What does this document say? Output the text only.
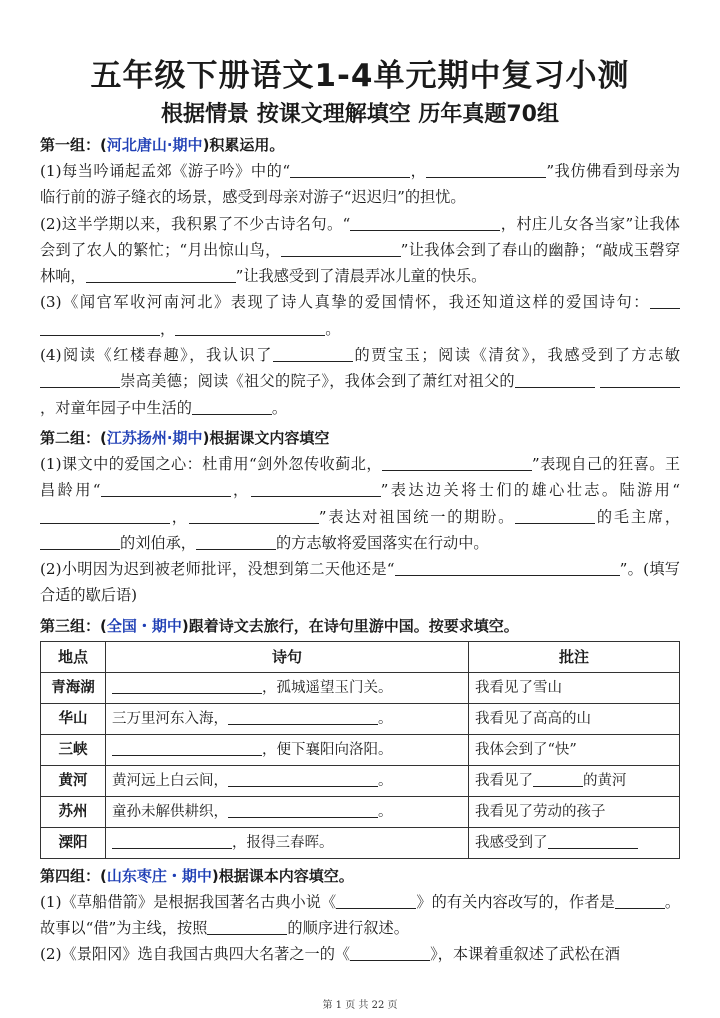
五年级下册语文1-4单元期中复习小测
根据情景 按课文理解填空 历年真题70组
第一组：(河北唐山·期中)积累运用。

(1)每当吟诵起孟郊《游子吟》中的“	，	”我仿佛看到母亲为临行前的游子缝衣的场景，感受到母亲对游子“迟迟归”的担忧。

(2)这半学期以来，我积累了不少古诗名句。“	，村庄儿女各当家”让我体会到了农人的繁忙；“月出惊山鸟，	”让我体会到了春山的幽静；“敲成玉磬穿林响，	”让我感受到了清晨弄冰儿童的快乐。

(3)《闻官军收河南河北》表现了诗人真挚的爱国情怀，我还知道这样的爱国诗句： ，	。

(4)阅读《红楼春趣》，我认识了	的贾宝玉；阅读《清贫》，我感受到了方志敏崇高美德；阅读《祖父的院子》，我体会到了萧红对祖父的 ，对童年园子中生活的	。

第二组：(江苏扬州·期中)根据课文内容填空

(1)课文中的爱国之心：杜甫用“剑外忽传收蓟北，	”表现自己的狂喜。王昌龄用“	，	”表达边关将士们的雄心壮志。陆游用“，	”表达对祖国统一的期盼。	的毛主席，的刘伯承，	的方志敏将爱国落实在行动中。

(2)小明因为迟到被老师批评，没想到第二天他还是“	”。(填写合适的歇后语)

第三组：(全国・期中)跟着诗文去旅行，在诗句里游中国。按要求填空。
地点	诗句	批注
青海湖	，孤城遥望玉门关。	我看见了雪山
华山	三万里河东入海， 。	我看见了高高的山
三峡	，便下襄阳向洛阳。	我体会到了“快”
黄河	黄河远上白云间， 。	我看见了 的黄河
苏州	童孙未解供耕织， 。	我看见了劳动的孩子
溧阳	，报得三春晖。	我感受到了
第四组：(山东枣庄・期中)根据课本内容填空。

(1)《草船借箭》是根据我国著名古典小说《	》的有关内容改写的，作者是	。故事以“借”为主线，按照	的顺序进行叙述。

(2)《景阳冈》选自我国古典四大名著之一的《	》，本课着重叙述了武松在酒

第 1 页 共 22 页
